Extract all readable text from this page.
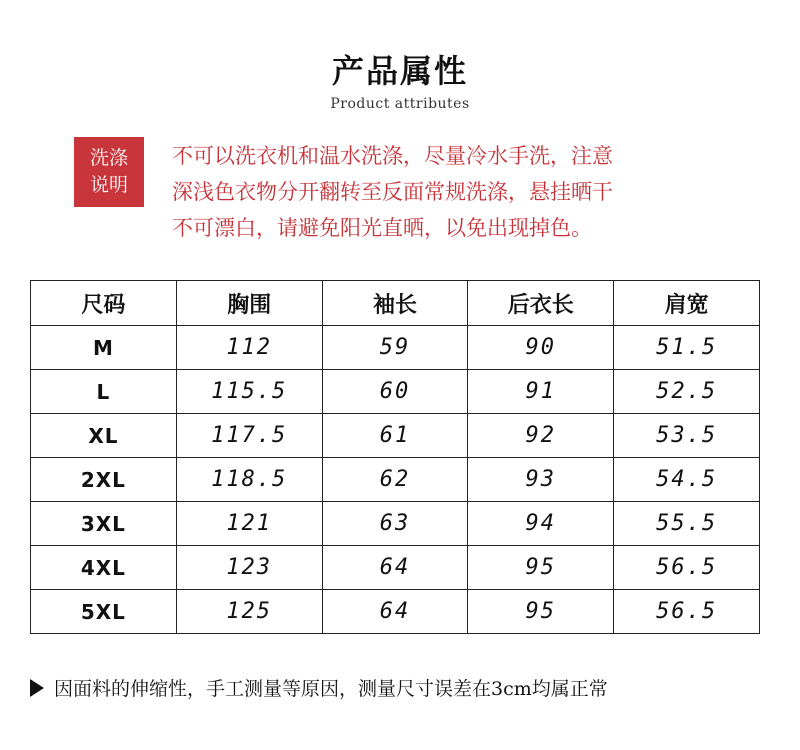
产品属性
Product attributes
洗涤
说明
不可以洗衣机和温水洗涤，尽量冷水手洗，注意
深浅色衣物分开翻转至反面常规洗涤，悬挂晒干
不可漂白，请避免阳光直晒，以免出现掉色。
尺码	胸围	袖长	后衣长	肩宽
M	112	59	90	51.5
L	115.5	60	91	52.5
XL	117.5	61	92	53.5
2XL	118.5	62	93	54.5
3XL	121	63	94	55.5
4XL	123	64	95	56.5
5XL	125	64	95	56.5
因面料的伸缩性，手工测量等原因，测量尺寸误差在3cm均属正常
